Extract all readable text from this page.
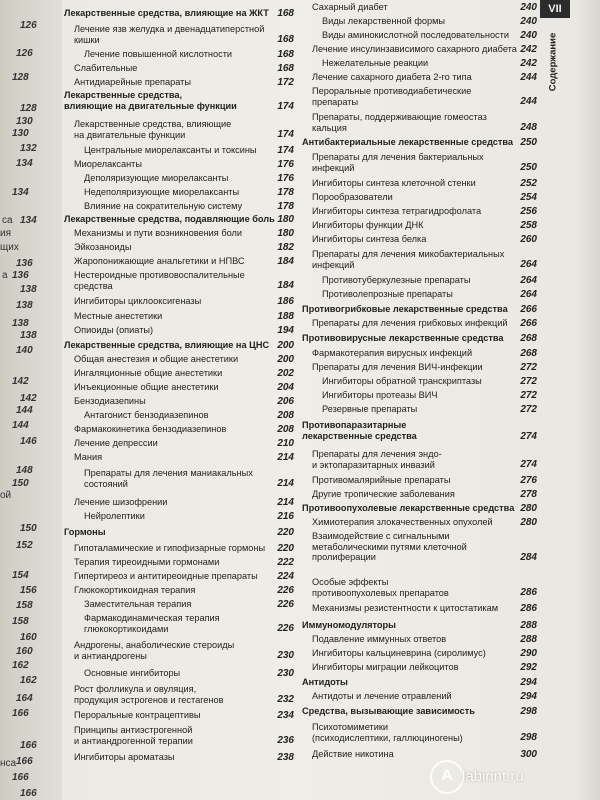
126
126
128
128
130
130
132
134
134
са 134
136
а 136
138
138
138
138
140
142
142
144
144
146
148
150
150
152
154
156
158
158
160
160
162
162
164
166
166
166
166
166
ия
щих
ой
нса
Лекарственные средства, влияющие на ЖКТ 168
Лечение язв желудка и двенадцатиперстной
кишки	168
Лечение повышенной кислотности	168
Слабительные	168
Антидиарейные препараты	172
Лекарственные средства,
влияющие на двигательные функции	174
Лекарственные средства, влияющие
на двигательные функции	174
Центральные миорелаксанты и токсины 174
Миорелаксанты	176
Деполяризующие миорелаксанты	176
Недеполяризующие миорелаксанты	178
Влияние на сократительную систему	178
Лекарственные средства, подавляющие боль 180
Механизмы и пути возникновения боли	180
Эйкозаноиды	182
Жаропонижающие анальгетики и НПВС	184
Нестероидные противовоспалительные
средства	184
Ингибиторы циклооксигеназы	186
Местные анестетики	188
Опиоиды (опиаты)	194
Лекарственные средства, влияющие на ЦНС 200
Общая анестезия и общие анестетики	200
Ингаляционные общие анестетики	202
Инъекционные общие анестетики	204
Бензодиазепины	206
Антагонист бензодиазепинов	208
Фармакокинетика бензодиазепинов	208
Лечение депрессии	210
Мания	214
Препараты для лечения маниакальных
состояний	214
Лечение шизофрении	214
Нейролептики	216
Гормоны	220
Гипоталамические и гипофизарные гормоны 220
Терапия тиреоидными гормонами	222
Гипертиреоз и антитиреоидные препараты 224
Глюкокортикоидная терапия	226
Заместительная терапия	226
Фармакодинамическая терапия
глюкокортикоидами	226
Андрогены, анаболические стероиды
и антиандрогены	230
Основные ингибиторы	230
Рост фолликула и овуляция,
продукция эстрогенов и гестагенов	232
Пероральные контрацептивы	234
Принципы антиэстрогенной
и антиандрогенной терапии	236
Ингибиторы ароматазы	238
Сахарный диабет	240
Виды лекарственной формы	240
Виды аминокислотной последовательности 240
Лечение инсулинзависимого сахарного диабета 242
Нежелательные реакции	242
Лечение сахарного диабета 2-го типа	244
Пероральные противодиабетические
препараты	244
Препараты, поддерживающие гомеостаз
кальция	248
Антибактериальные лекарственные средства 250
Препараты для лечения бактериальных
инфекций	250
Ингибиторы синтеза клеточной стенки	252
Порообразователи	254
Ингибиторы синтеза тетрагидрофолата	256
Ингибиторы функции ДНК	258
Ингибиторы синтеза белка	260
Препараты для лечения микобактериальных
инфекций	264
Противотуберкулезные препараты	264
Противолепрозные препараты	264
Противогрибковые лекарственные средства 266
Препараты для лечения грибковых инфекций 266
Противовирусные лекарственные средства 268
Фармакотерапия вирусных инфекций	268
Препараты для лечения ВИЧ-инфекции	272
Ингибиторы обратной транскриптазы	272
Ингибиторы протеазы ВИЧ	272
Резервные препараты	272
Противопаразитарные
лекарственные средства	274
Препараты для лечения эндо-
и эктопаразитарных инвазий	274
Противомалярийные препараты	276
Другие тропические заболевания	278
Противоопухолевые лекарственные средства 280
Химиотерапия злокачественных опухолей	280
Взаимодействие с сигнальными
метаболическими путями клеточной
пролиферации	284
Особые эффекты
противоопухолевых препаратов	286
Механизмы резистентности к цитостатикам 286
Иммуномодуляторы	288
Подавление иммунных ответов	288
Ингибиторы кальциневрина (сиролимус)	290
Ингибиторы миграции лейкоцитов	292
Антидоты	294
Антидоты и лечение отравлений	294
Средства, вызывающие зависимость	298
Психотомиметики
(психодислептики, галлюциногены)	298
Действие никотина	300
VII
Содержание
А labirint.ru
